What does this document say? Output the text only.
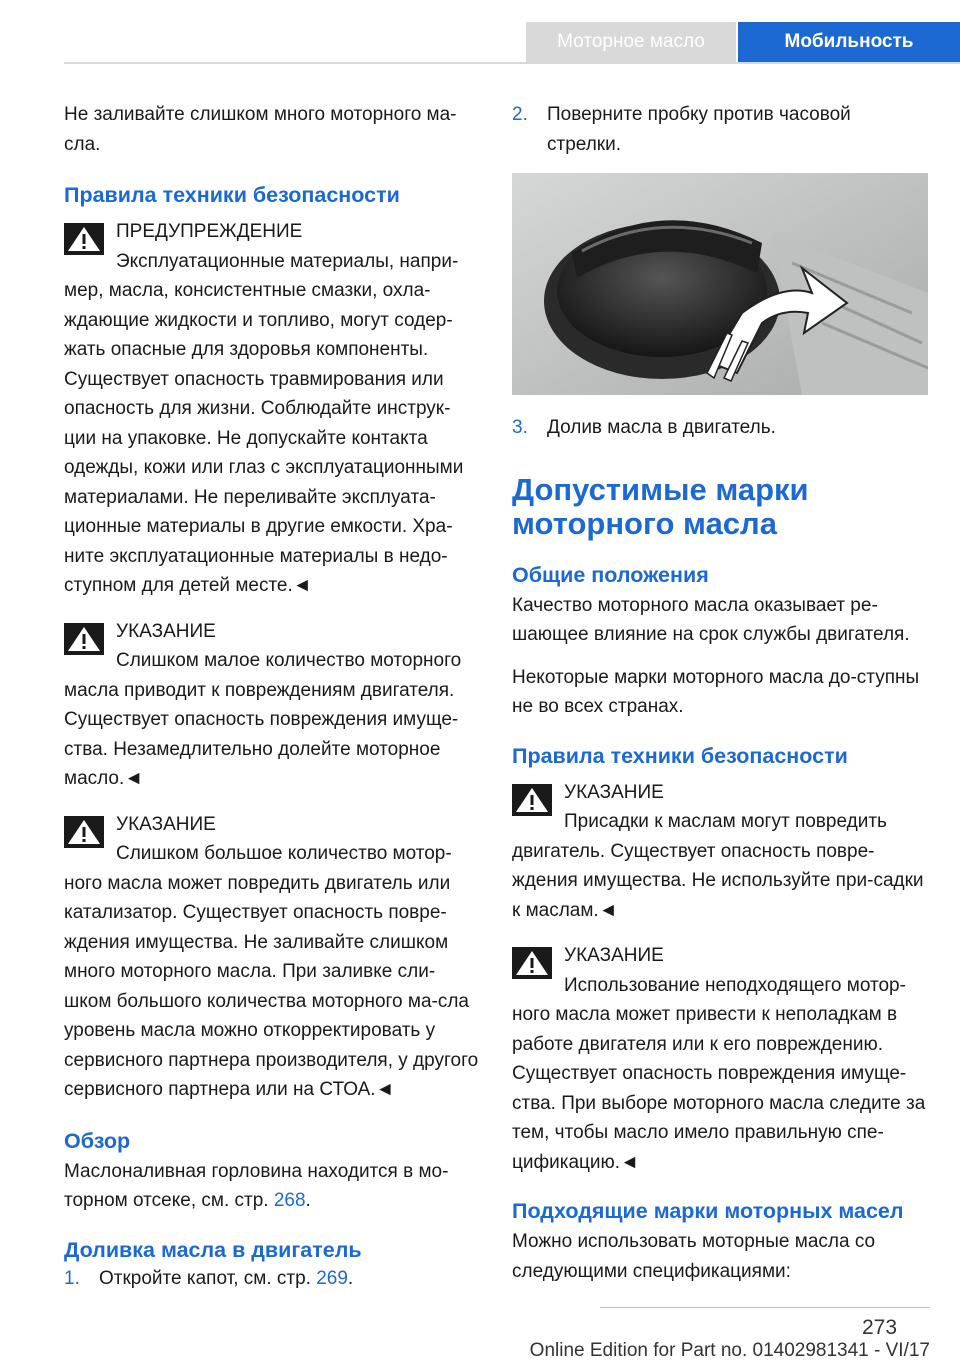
Моторное масло	Мобильность

Не заливайте слишком много моторного ма-сла.

Правила техники безопасности
ПРЕДУПРЕЖДЕНИЕ

Эксплуатационные материалы, напри-мер, масла, консистентные смазки, охла-ждающие жидкости и топливо, могут содер-жать опасные для здоровья компоненты. Существует опасность травмирования или опасность для жизни. Соблюдайте инструк-ции на упаковке. Не допускайте контакта одежды, кожи или глаз с эксплуатационными материалами. Не переливайте эксплуата-ционные материалы в другие емкости. Хра-ните эксплуатационные материалы в недо-ступном для детей месте.◄

УКАЗАНИЕ

Слишком малое количество моторного масла приводит к повреждениям двигателя. Существует опасность повреждения имуще-ства. Незамедлительно долейте моторное масло.◄

УКАЗАНИЕ

Слишком большое количество мотор-ного масла может повредить двигатель или катализатор. Существует опасность повре-ждения имущества. Не заливайте слишком много моторного масла. При заливке сли-шком большого количества моторного ма-сла уровень масла можно откорректировать у сервисного партнера производителя, у другого сервисного партнера или на СТОА.◄

Обзор

Маслоналивная горловина находится в мо-торном отсеке, см. стр. 268.

Доливка масла в двигатель
1. Откройте капот, см. стр. 269.

2. Поверните пробку против часовой стрелки.

3. Долив масла в двигатель.

Допустимые марки моторного масла
Общие положения

Качество моторного масла оказывает ре-шающее влияние на срок службы двигателя.

Некоторые марки моторного масла до-ступны не во всех странах.

Правила техники безопасности
УКАЗАНИЕ

Присадки к маслам могут повредить двигатель. Существует опасность повре-ждения имущества. Не используйте при-садки к маслам.◄

УКАЗАНИЕ

Использование неподходящего мотор-ного масла может привести к неполадкам в работе двигателя или к его повреждению. Существует опасность повреждения имуще-ства. При выборе моторного масла следите за тем, чтобы масло имело правильную спе-цификацию.◄

Подходящие марки моторных масел

Можно использовать моторные масла со следующими спецификациями:

273
Online Edition for Part no. 01402981341 - VI/17
